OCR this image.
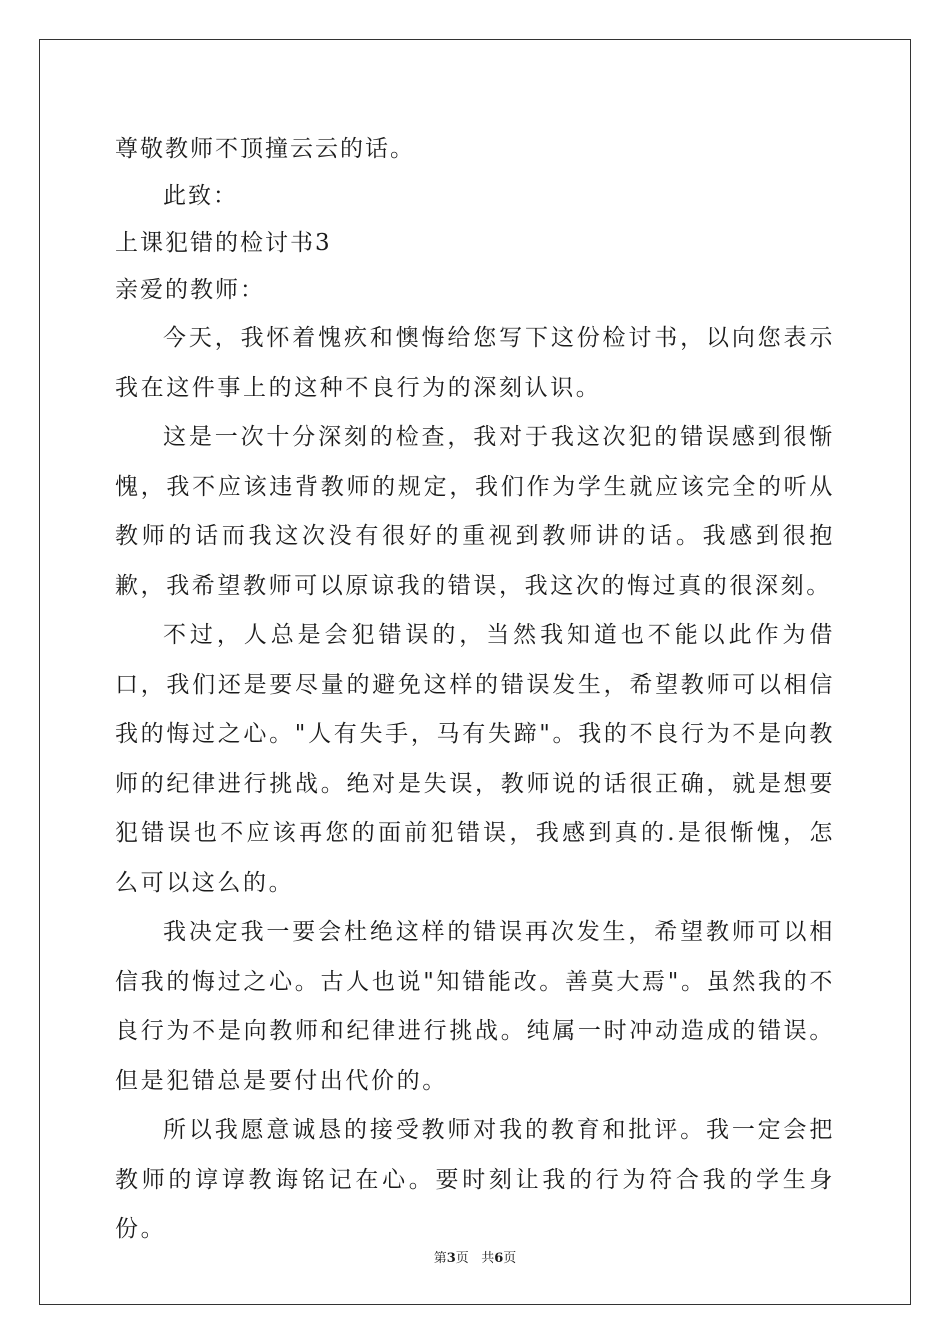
尊敬教师不顶撞云云的话。

此致：

上课犯错的检讨书3

亲爱的教师：

今天，我怀着愧疚和懊悔给您写下这份检讨书，以向您表示我在这件事上的这种不良行为的深刻认识。

这是一次十分深刻的检查，我对于我这次犯的错误感到很惭愧，我不应该违背教师的规定，我们作为学生就应该完全的听从教师的话而我这次没有很好的重视到教师讲的话。我感到很抱歉，我希望教师可以原谅我的错误，我这次的悔过真的很深刻。

不过，人总是会犯错误的，当然我知道也不能以此作为借口，我们还是要尽量的避免这样的错误发生，希望教师可以相信我的悔过之心。"人有失手，马有失蹄"。我的不良行为不是向教师的纪律进行挑战。绝对是失误，教师说的话很正确，就是想要犯错误也不应该再您的面前犯错误，我感到真的.是很惭愧，怎么可以这么的。

我决定我一要会杜绝这样的错误再次发生，希望教师可以相信我的悔过之心。古人也说"知错能改。善莫大焉"。虽然我的不良行为不是向教师和纪律进行挑战。纯属一时冲动造成的错误。但是犯错总是要付出代价的。

所以我愿意诚恳的接受教师对我的教育和批评。我一定会把教师的谆谆教诲铭记在心。要时刻让我的行为符合我的学生身份。

第3页 共6页
